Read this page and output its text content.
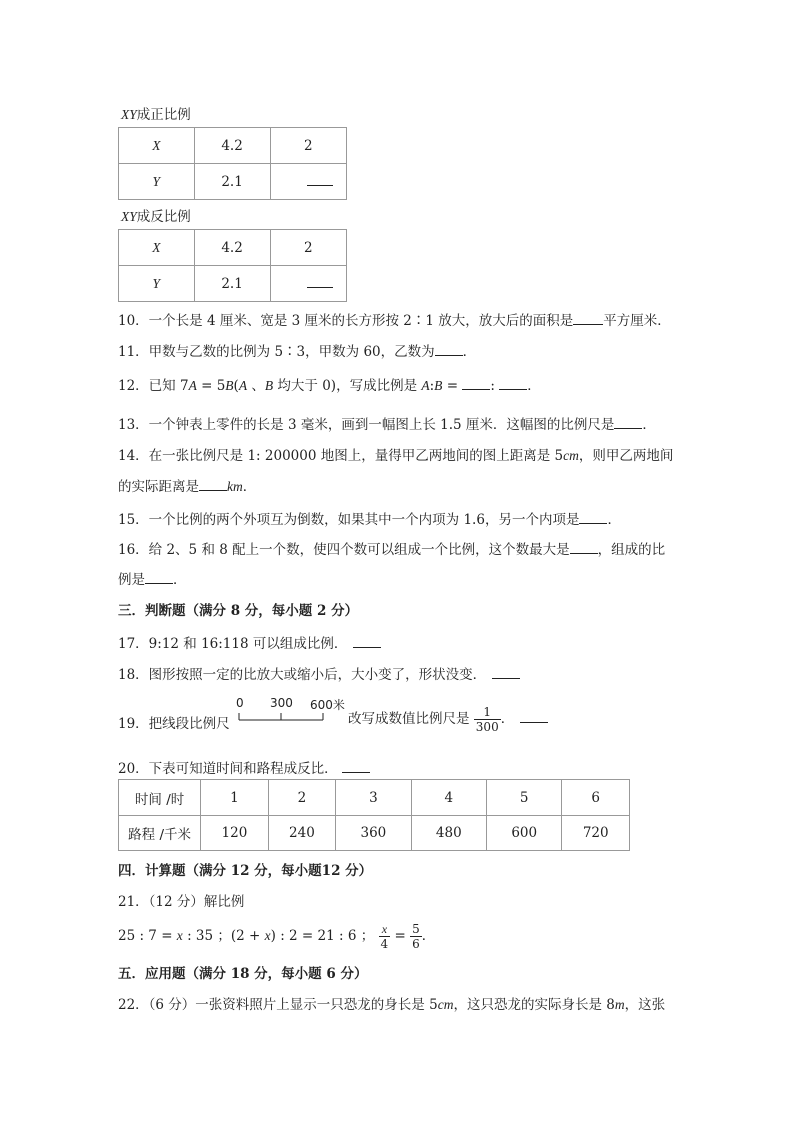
XY成正比例
X	4.2	2
Y	2.1	
XY成反比例
X	4.2	2
Y	2.1	
10．一个长是 4 厘米、宽是 3 厘米的长方形按 2∶1 放大，放大后的面积是 平方厘米．
11．甲数与乙数的比例为 5∶3，甲数为 60，乙数为 ．
12．已知 7A = 5B(A 、B 均大于 0)，写成比例是 A:B = : ．
13．一个钟表上零件的长是 3 毫米，画到一幅图上长 1.5 厘米．这幅图的比例尺是 ．
14．在一张比例尺是 1: 200000 地图上，量得甲乙两地间的图上距离是 5cm，则甲乙两地间
的实际距离是 km．
15．一个比例的两个外项互为倒数，如果其中一个内项为 1.6，另一个内项是 ．
16．给 2、5 和 8 配上一个数，使四个数可以组成一个比例，这个数最大是 ，组成的比
例是 ．
三．判断题（满分 8 分，每小题 2 分）
17．9:12 和 16:118 可以组成比例．
18．图形按照一定的比放大或缩小后，大小变了，形状没变．
19．把线段比例尺
0 300 600米
改写成数值比例尺是 $\frac{1}{300}$ ．
20．下表可知道时间和路程成反比．
时间 /时	1	2	3	4	5	6
路程 /千米	120	240	360	480	600	720
四．计算题（满分 12 分，每小题12 分）
21．（12 分）解比例
25 : 7 = x : 35 ；(2 + x) : 2 = 21 : 6 ； $\frac{x}{4} = \frac{5}{6}$ ．
五．应用题（满分 18 分，每小题 6 分）
22．（6 分）一张资料照片上显示一只恐龙的身长是 5cm，这只恐龙的实际身长是 8m，这张
